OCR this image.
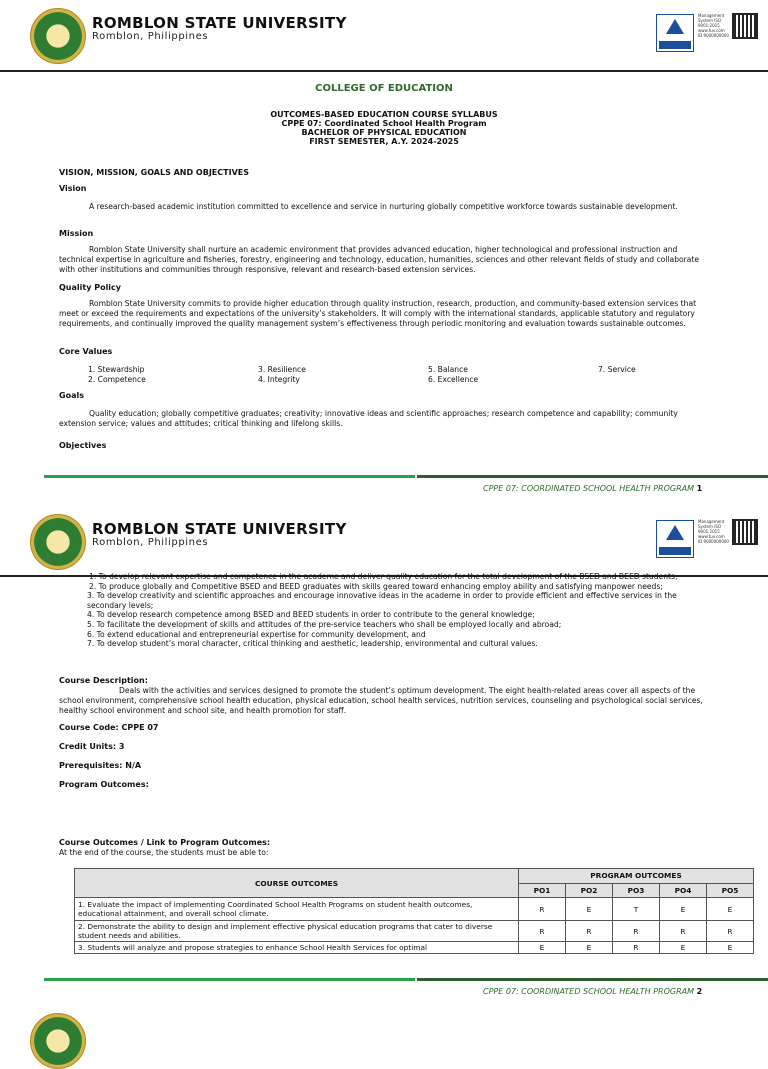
ROMBLON STATE UNIVERSITY
Romblon, Philippines
Management System ISO 9001:2015 www.tuv.com ID 9000000000
COLLEGE OF EDUCATION
OUTCOMES-BASED EDUCATION COURSE SYLLABUS
CPPE 07: Coordinated School Health Program
BACHELOR OF PHYSICAL EDUCATION
FIRST SEMESTER, A.Y. 2024-2025
VISION, MISSION, GOALS AND OBJECTIVES
Vision
A research-based academic institution committed to excellence and service in nurturing globally competitive workforce towards sustainable development.
Mission
Romblon State University shall nurture an academic environment that provides advanced education, higher technological and professional instruction and technical expertise in agriculture and fisheries, forestry, engineering and technology, education, humanities, sciences and other relevant fields of study and collaborate with other institutions and communities through responsive, relevant and research-based extension services.
Quality Policy
Romblon State University commits to provide higher education through quality instruction, research, production, and community-based extension services that meet or exceed the requirements and expectations of the university’s stakeholders. It will comply with the international standards, applicable statutory and regulatory requirements, and continually improved the quality management system’s effectiveness through periodic monitoring and evaluation towards sustainable outcomes.
Core Values
1. Stewardship
2. Competence
3. Resilience
4. Integrity
5. Balance
6. Excellence
7. Service
Goals
Quality education; globally competitive graduates; creativity; innovative ideas and scientific approaches; research competence and capability; community extension service; values and attitudes; critical thinking and lifelong skills.
Objectives
CPPE 07: COORDINATED SCHOOL HEALTH PROGRAM 1
ROMBLON STATE UNIVERSITY
Romblon, Philippines
Management System ISO 9001:2015 www.tuv.com ID 9000000000
1. To develop relevant expertise and competence in the academe and deliver quality education for the total development of the BSED and BEED students;
2. To produce globally and Competitive BSED and BEED graduates with skills geared toward enhancing employ ability and satisfying manpower needs;
3. To develop creativity and scientific approaches and encourage innovative ideas in the academe in order to provide efficient and effective services in the secondary levels;
4. To develop research competence among BSED and BEED students in order to contribute to the general knowledge;
5. To facilitate the development of skills and attitudes of the pre-service teachers who shall be employed locally and abroad;
6. To extend educational and entrepreneurial expertise for community development, and
7. To develop student’s moral character, critical thinking and aesthetic, leadership, environmental and cultural values.
Course Description:
Deals with the activities and services designed to promote the student’s optimum development. The eight health-related areas cover all aspects of the school environment, comprehensive school health education, physical education, school health services, nutrition services, counseling and psychological social services, healthy school environment and school site, and health promotion for staff.
Course Code: CPPE 07
Credit Units: 3
Prerequisites: N/A
Program Outcomes:
Course Outcomes / Link to Program Outcomes:
At the end of the course, the students must be able to:
COURSE OUTCOMES	PROGRAM OUTCOMES				
	PO1	PO2	PO3	PO4	PO5
1. Evaluate the impact of implementing Coordinated School Health Programs on student health outcomes, educational attainment, and overall school climate.	R	E	T	E	E
2. Demonstrate the ability to design and implement effective physical education programs that cater to diverse student needs and abilities.	R	R	R	R	R
3. Students will analyze and propose strategies to enhance School Health Services for optimal	E	E	R	E	E
CPPE 07: COORDINATED SCHOOL HEALTH PROGRAM 2
